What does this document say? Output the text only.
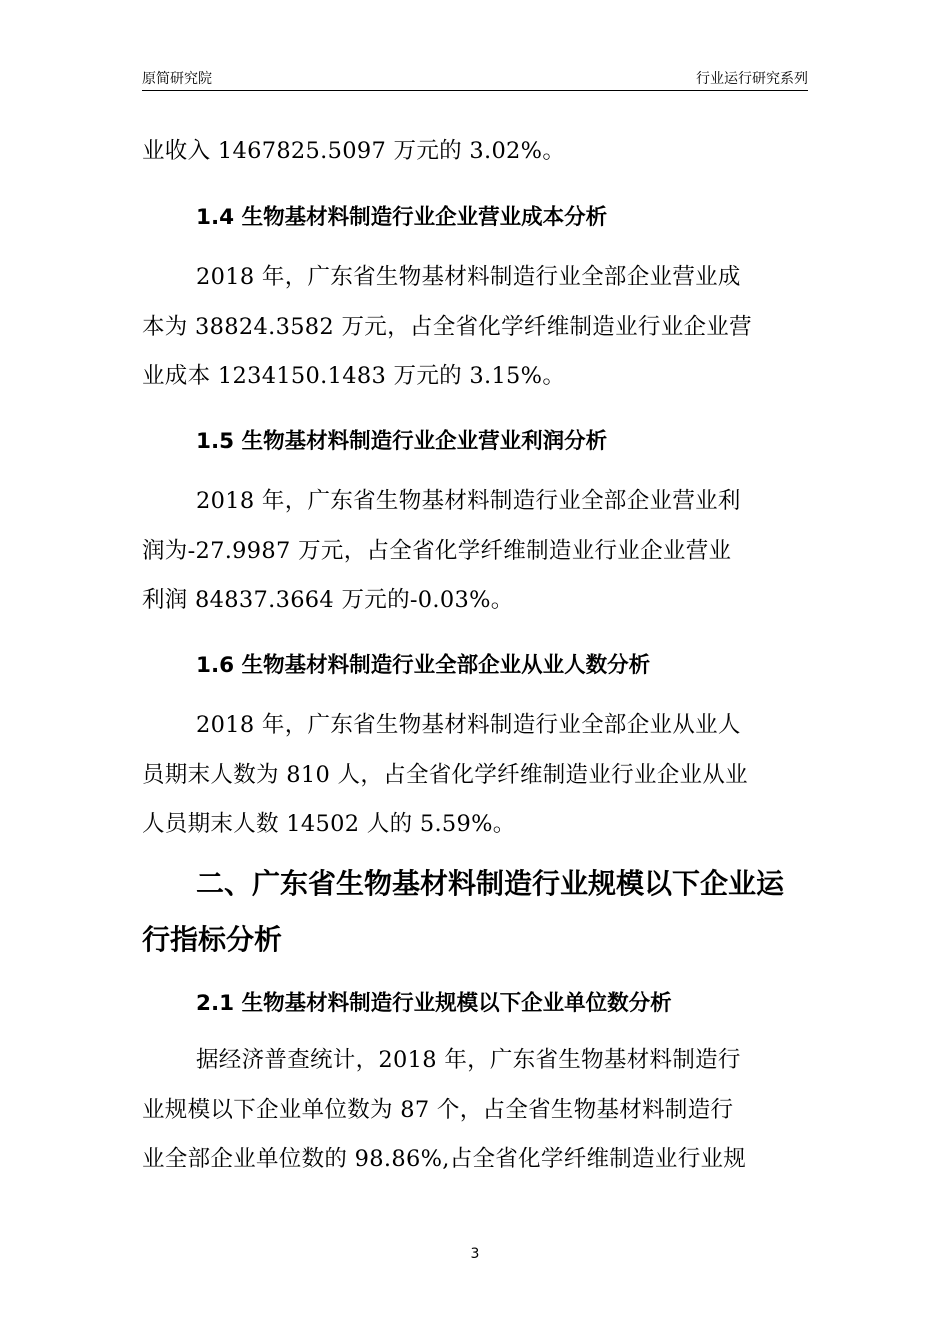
原简研究院	行业运行研究系列
业收入 1467825.5097 万元的 3.02%。
1.4 生物基材料制造行业企业营业成本分析
2018 年，广东省生物基材料制造行业全部企业营业成
本为 38824.3582 万元，占全省化学纤维制造业行业企业营
业成本 1234150.1483 万元的 3.15%。
1.5 生物基材料制造行业企业营业利润分析
2018 年，广东省生物基材料制造行业全部企业营业利
润为-27.9987 万元，占全省化学纤维制造业行业企业营业
利润 84837.3664 万元的-0.03%。
1.6 生物基材料制造行业全部企业从业人数分析
2018 年，广东省生物基材料制造行业全部企业从业人
员期末人数为 810 人，占全省化学纤维制造业行业企业从业
人员期末人数 14502 人的 5.59%。
二、广东省生物基材料制造行业规模以下企业运
行指标分析
2.1 生物基材料制造行业规模以下企业单位数分析
据经济普查统计，2018 年，广东省生物基材料制造行
业规模以下企业单位数为 87 个，占全省生物基材料制造行
业全部企业单位数的 98.86%,占全省化学纤维制造业行业规
3
